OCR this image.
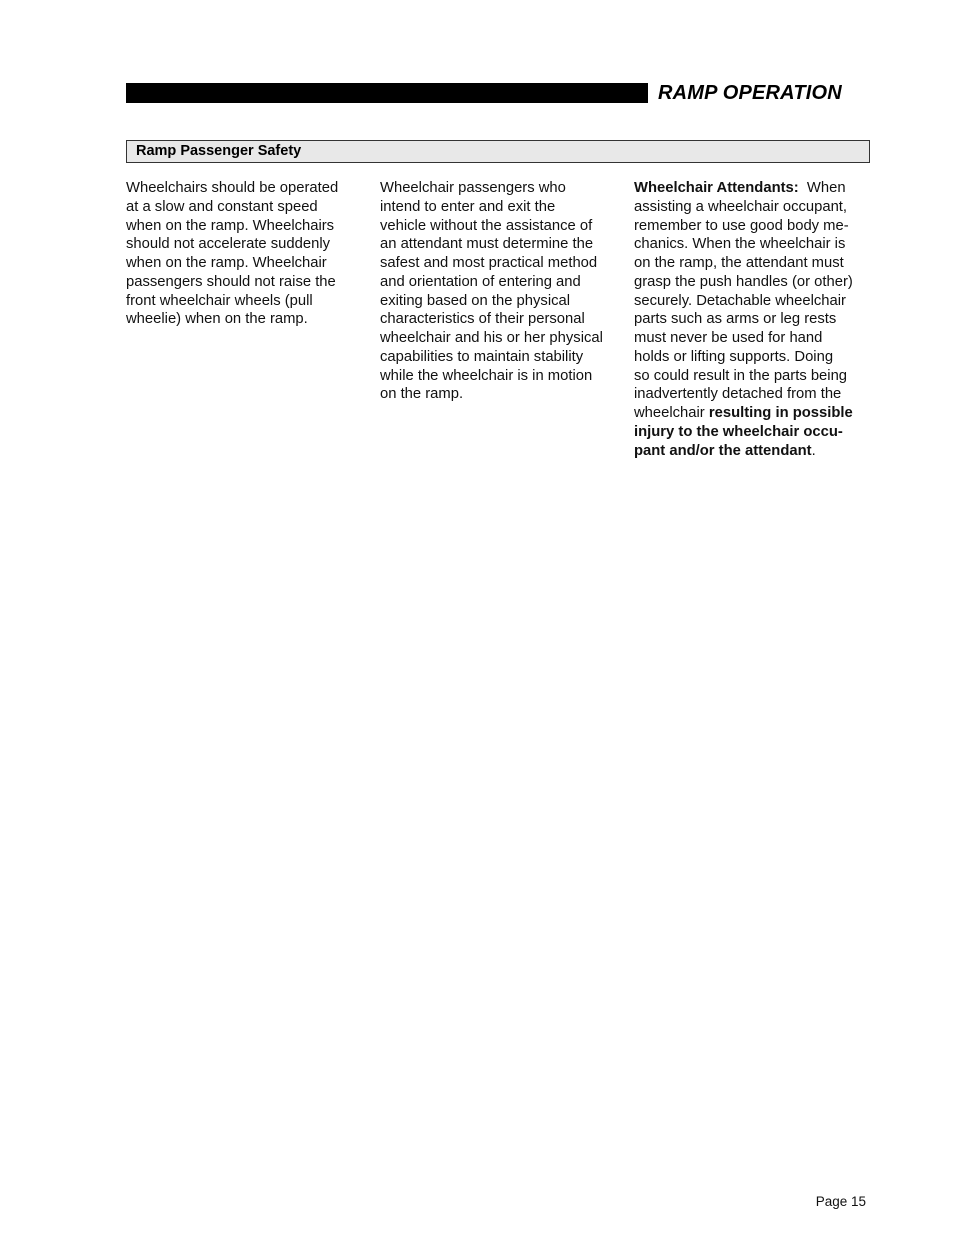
RAMP OPERATION
Ramp Passenger Safety

Wheelchairs should be operated

at a slow and constant speed

when on the ramp. Wheelchairs

should not accelerate suddenly

when on the ramp. Wheelchair

passengers should not raise the

front wheelchair wheels (pull

wheelie) when on the ramp.

Wheelchair passengers who

intend to enter and exit the

vehicle without the assistance of

an attendant must determine the

safest and most practical method

and orientation of entering and

exiting based on the physical

characteristics of their personal

wheelchair and his or her physical

capabilities to maintain stability

while the wheelchair is in motion

on the ramp.

Wheelchair Attendants:  When

assisting a wheelchair occupant,

remember to use good body me-

chanics. When the wheelchair is

on the ramp, the attendant must

grasp the push handles (or other)

securely. Detachable wheelchair

parts such as arms or leg rests

must never be used for hand

holds or lifting supports. Doing

so could result in the parts being

inadvertently detached from the

wheelchair resulting in possible

injury to the wheelchair occu-

pant and/or the attendant.

Page 15
